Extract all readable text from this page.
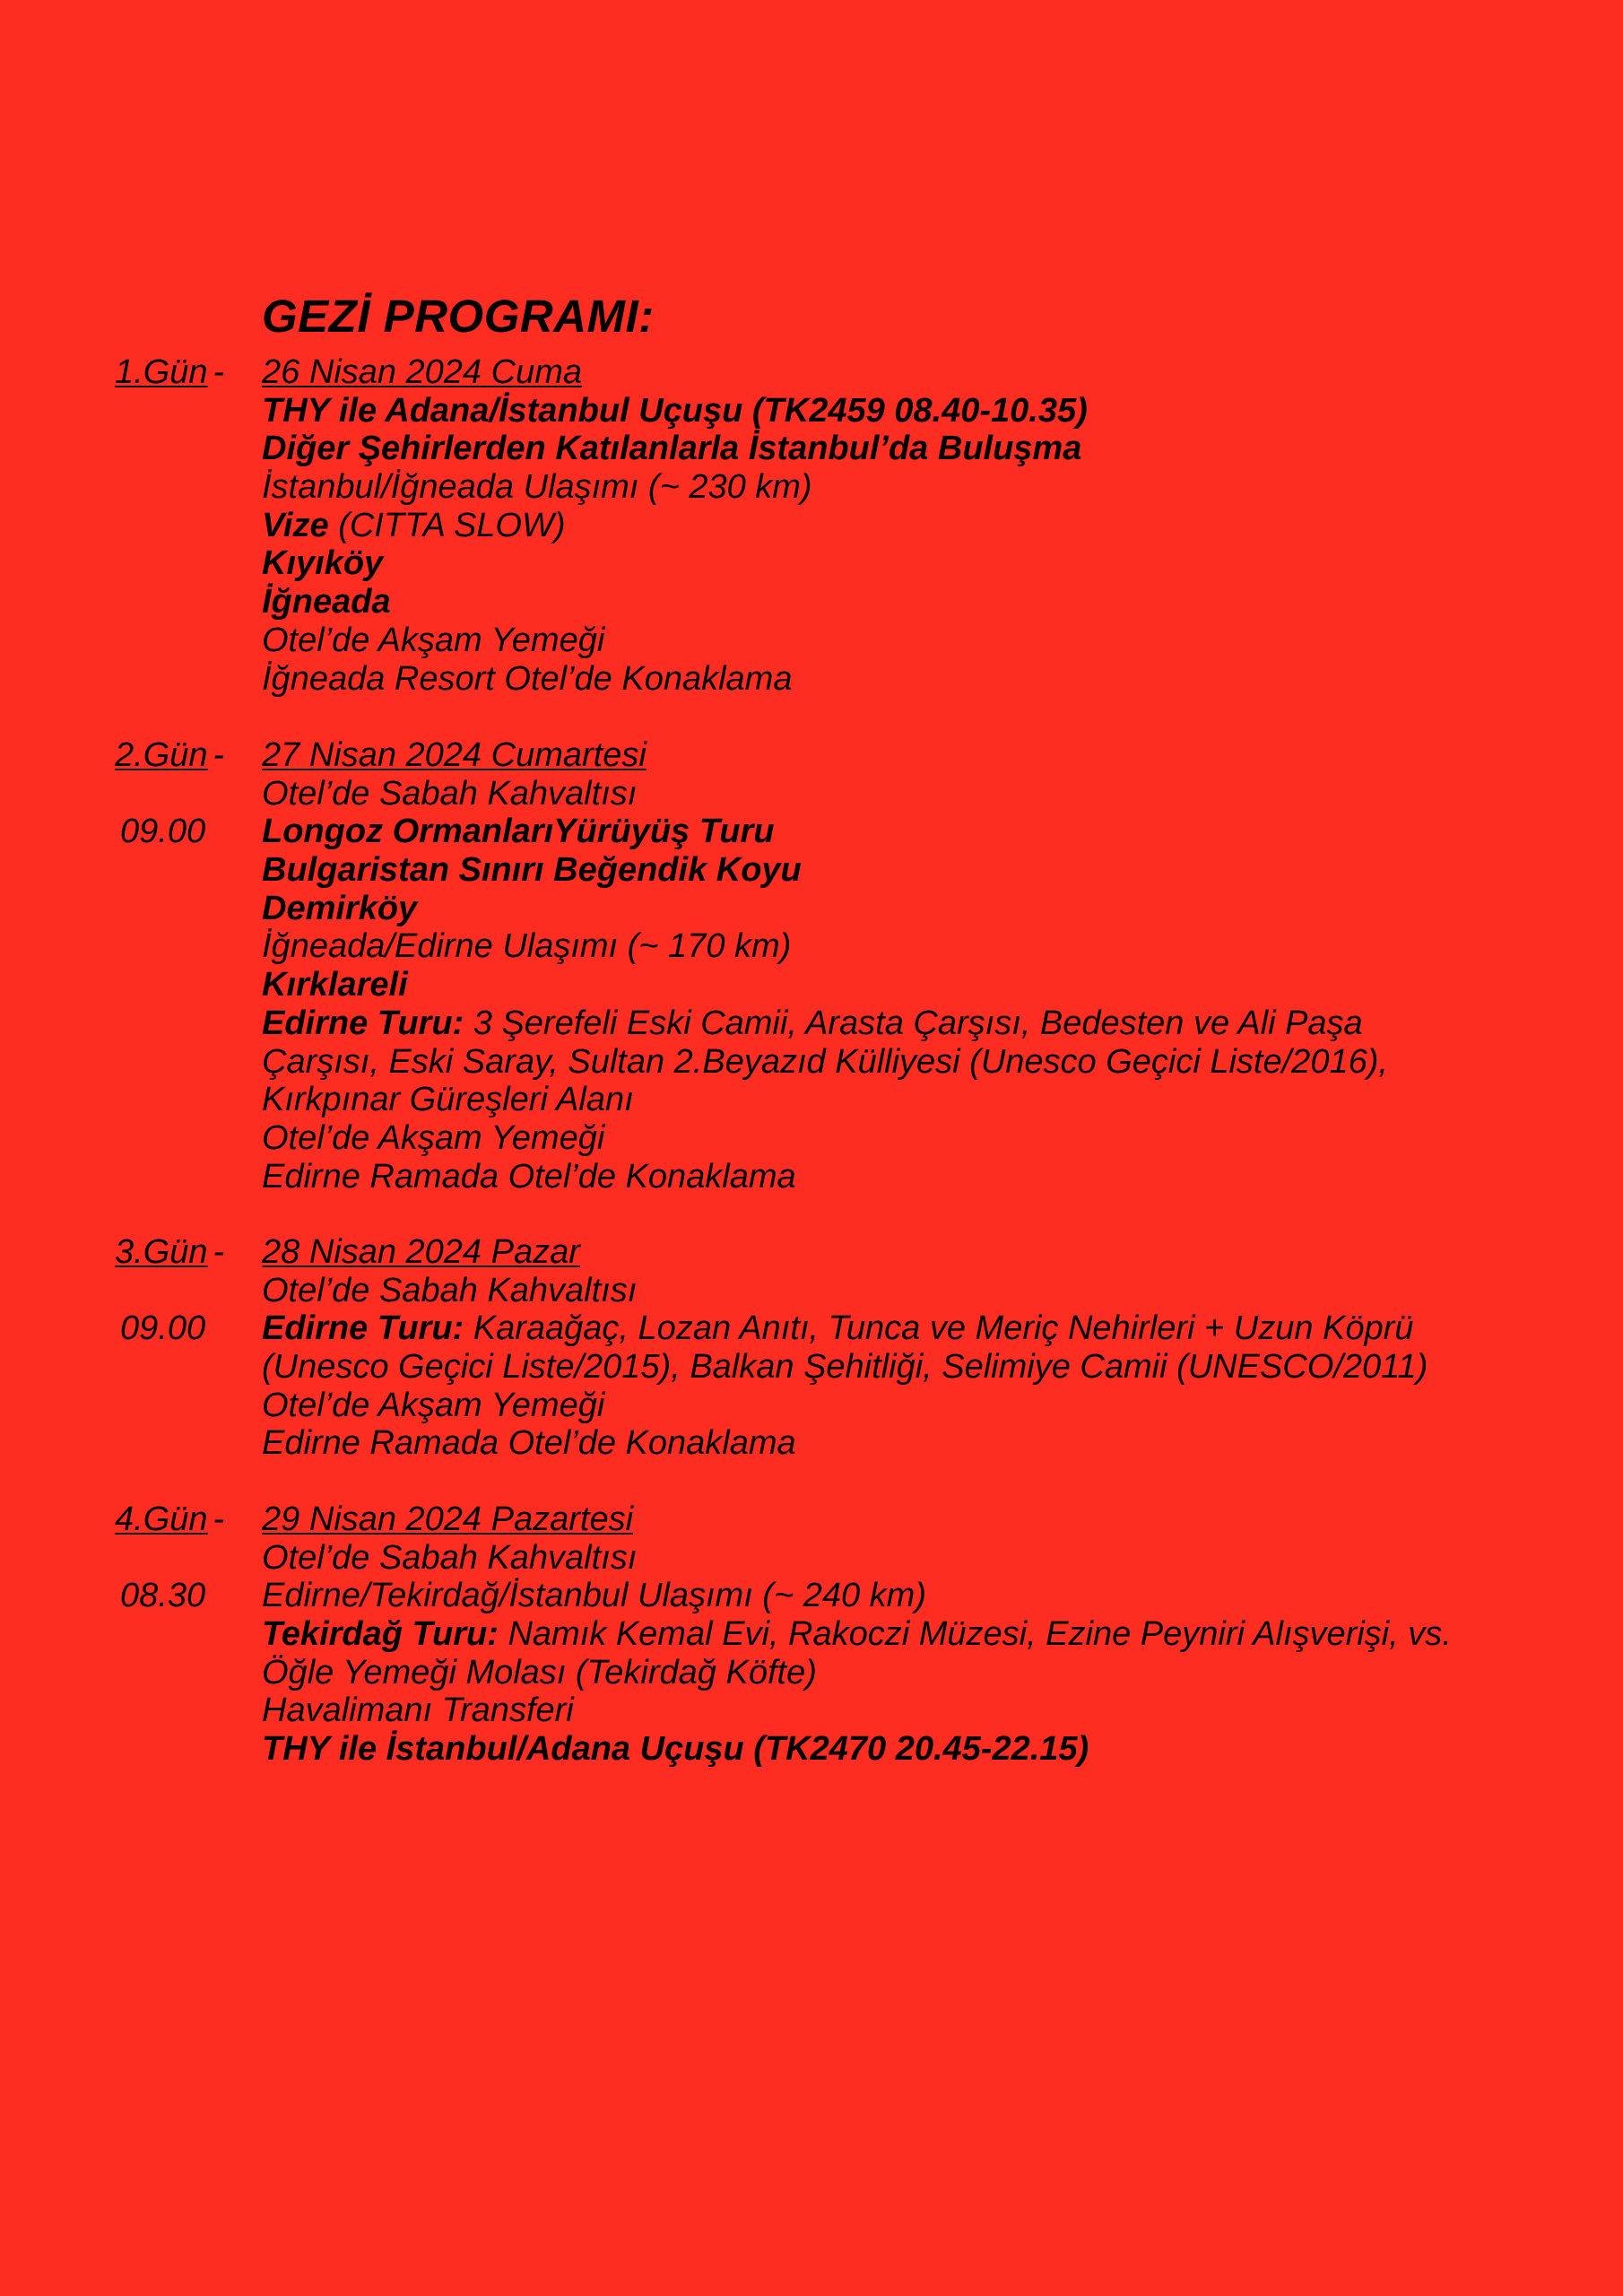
GEZİ PROGRAMI:
1.Gün - 26 Nisan 2024 Cuma
THY ile Adana/İstanbul Uçuşu (TK2459 08.40-10.35)
Diğer Şehirlerden Katılanlarla İstanbul’da Buluşma
İstanbul/İğneada Ulaşımı (~ 230 km)
Vize (CITTA SLOW)
Kıyıköy
İğneada
Otel’de Akşam Yemeği
İğneada Resort Otel’de Konaklama
2.Gün - 27 Nisan 2024 Cumartesi
Otel’de Sabah Kahvaltısı
09.00 Longoz OrmanlarıYürüyüş Turu
Bulgaristan Sınırı Beğendik Koyu
Demirköy
İğneada/Edirne Ulaşımı (~ 170 km)
Kırklareli
Edirne Turu: 3 Şerefeli Eski Camii, Arasta Çarşısı, Bedesten ve Ali Paşa
Çarşısı, Eski Saray, Sultan 2.Beyazıd Külliyesi (Unesco Geçici Liste/2016),
Kırkpınar Güreşleri Alanı
Otel’de Akşam Yemeği
Edirne Ramada Otel’de Konaklama
3.Gün - 28 Nisan 2024 Pazar
Otel’de Sabah Kahvaltısı
09.00 Edirne Turu: Karaağaç, Lozan Anıtı, Tunca ve Meriç Nehirleri + Uzun Köprü
(Unesco Geçici Liste/2015), Balkan Şehitliği, Selimiye Camii (UNESCO/2011)
Otel’de Akşam Yemeği
Edirne Ramada Otel’de Konaklama
4.Gün - 29 Nisan 2024 Pazartesi
Otel’de Sabah Kahvaltısı
08.30 Edirne/Tekirdağ/İstanbul Ulaşımı (~ 240 km)
Tekirdağ Turu: Namık Kemal Evi, Rakoczi Müzesi, Ezine Peyniri Alışverişi, vs.
Öğle Yemeği Molası (Tekirdağ Köfte)
Havalimanı Transferi
THY ile İstanbul/Adana Uçuşu (TK2470 20.45-22.15)
